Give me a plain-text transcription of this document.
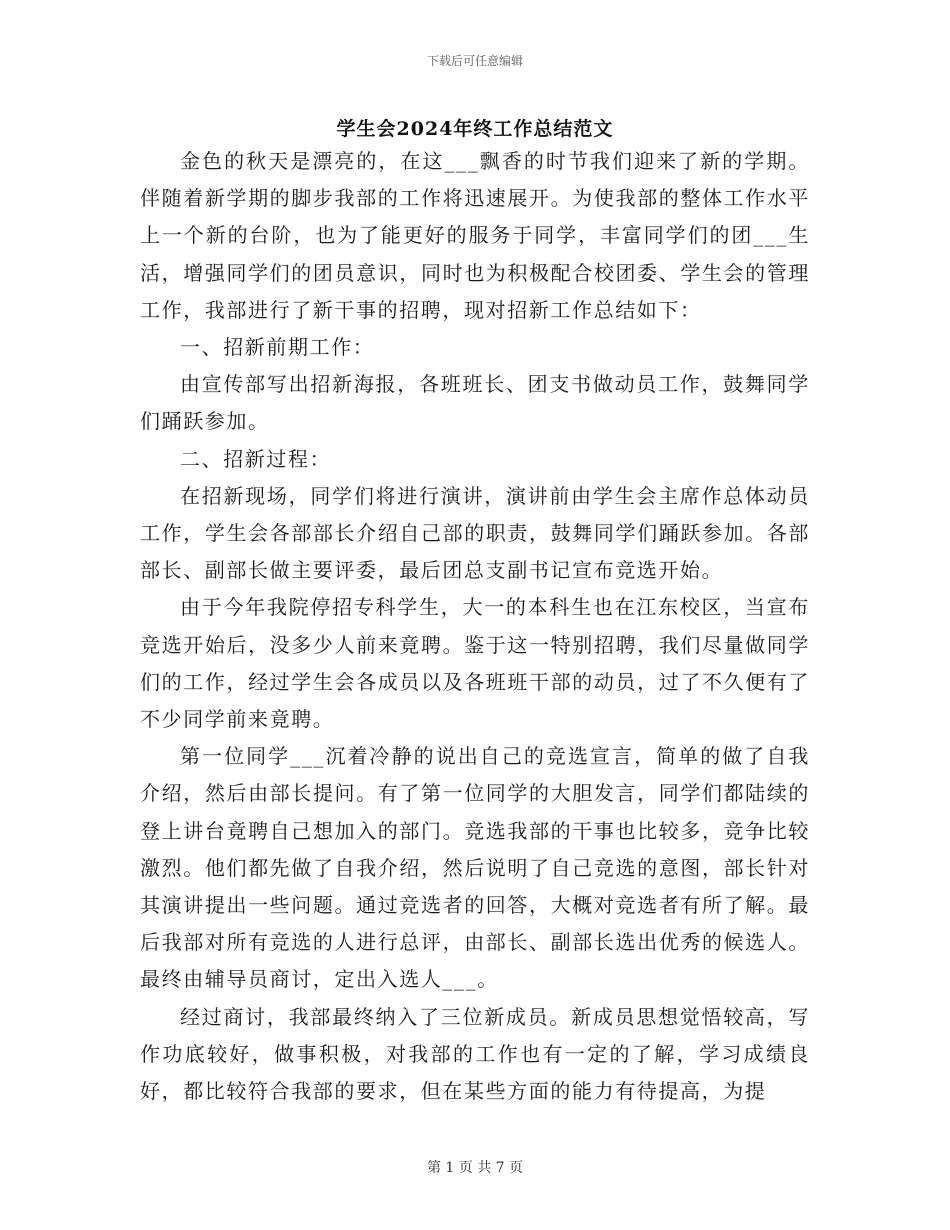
下载后可任意编辑
学生会2024年终工作总结范文

金色的秋天是漂亮的，在这___飘香的时节我们迎来了新的学期。伴随着新学期的脚步我部的工作将迅速展开。为使我部的整体工作水平上一个新的台阶，也为了能更好的服务于同学，丰富同学们的团___生活，增强同学们的团员意识，同时也为积极配合校团委、学生会的管理工作，我部进行了新干事的招聘，现对招新工作总结如下：

一、招新前期工作：

由宣传部写出招新海报，各班班长、团支书做动员工作，鼓舞同学们踊跃参加。

二、招新过程：

在招新现场，同学们将进行演讲，演讲前由学生会主席作总体动员工作，学生会各部部长介绍自己部的职责，鼓舞同学们踊跃参加。各部部长、副部长做主要评委，最后团总支副书记宣布竞选开始。

由于今年我院停招专科学生，大一的本科生也在江东校区，当宣布竞选开始后，没多少人前来竟聘。鉴于这一特别招聘，我们尽量做同学们的工作，经过学生会各成员以及各班班干部的动员，过了不久便有了不少同学前来竟聘。

第一位同学___沉着冷静的说出自己的竞选宣言，简单的做了自我介绍，然后由部长提问。有了第一位同学的大胆发言，同学们都陆续的登上讲台竟聘自己想加入的部门。竞选我部的干事也比较多，竞争比较激烈。他们都先做了自我介绍，然后说明了自己竞选的意图，部长针对其演讲提出一些问题。通过竞选者的回答，大概对竞选者有所了解。最后我部对所有竞选的人进行总评，由部长、副部长选出优秀的候选人。最终由辅导员商讨，定出入选人___。

经过商讨，我部最终纳入了三位新成员。新成员思想觉悟较高，写作功底较好，做事积极，对我部的工作也有一定的了解，学习成绩良好，都比较符合我部的要求，但在某些方面的能力有待提高，为提

第 1 页 共 7 页
